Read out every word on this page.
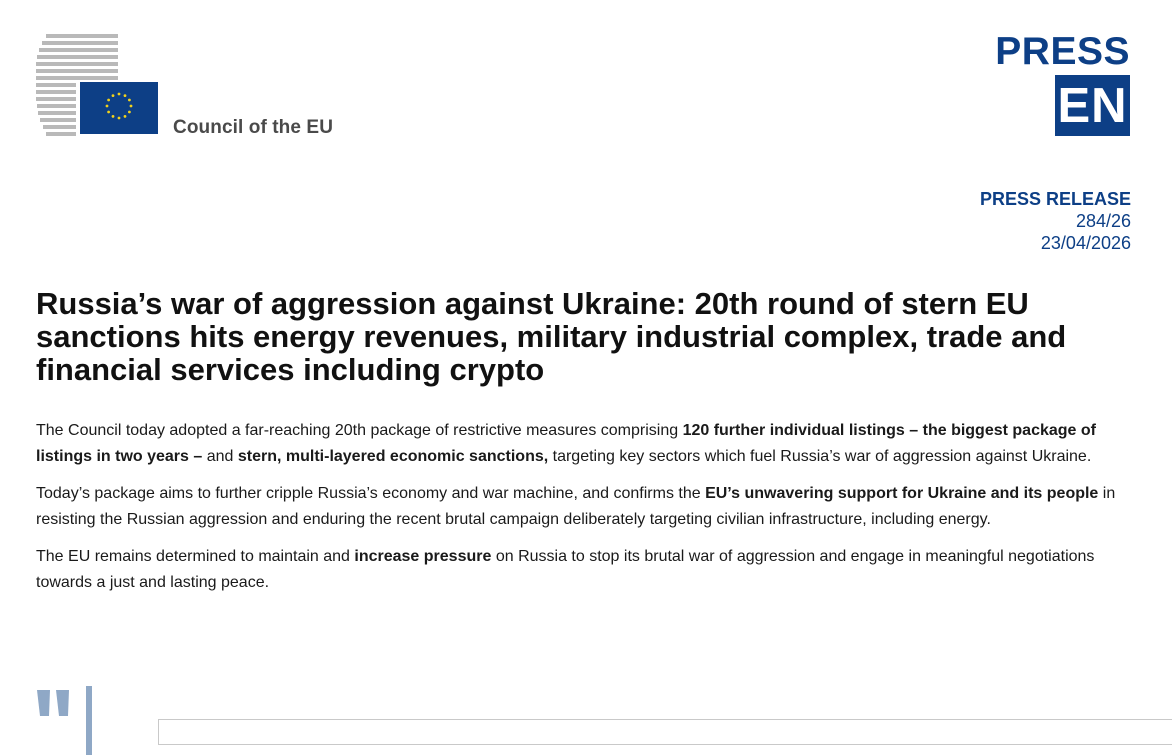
Council of the EU
PRESS
EN
PRESS RELEASE
284/26
23/04/2026
Russia’s war of aggression against Ukraine: 20th round of stern EU sanctions hits energy revenues, military industrial complex, trade and financial services including crypto

The Council today adopted a far-reaching 20th package of restrictive measures comprising 120 further individual listings – the biggest package of listings in two years – and stern, multi-layered economic sanctions, targeting key sectors which fuel Russia’s war of aggression against Ukraine.

Today’s package aims to further cripple Russia’s economy and war machine, and confirms the EU’s unwavering support for Ukraine and its people in resisting the Russian aggression and enduring the recent brutal campaign deliberately targeting civilian infrastructure, including energy.

The EU remains determined to maintain and increase pressure on Russia to stop its brutal war of aggression and engage in meaningful negotiations towards a just and lasting peace.
